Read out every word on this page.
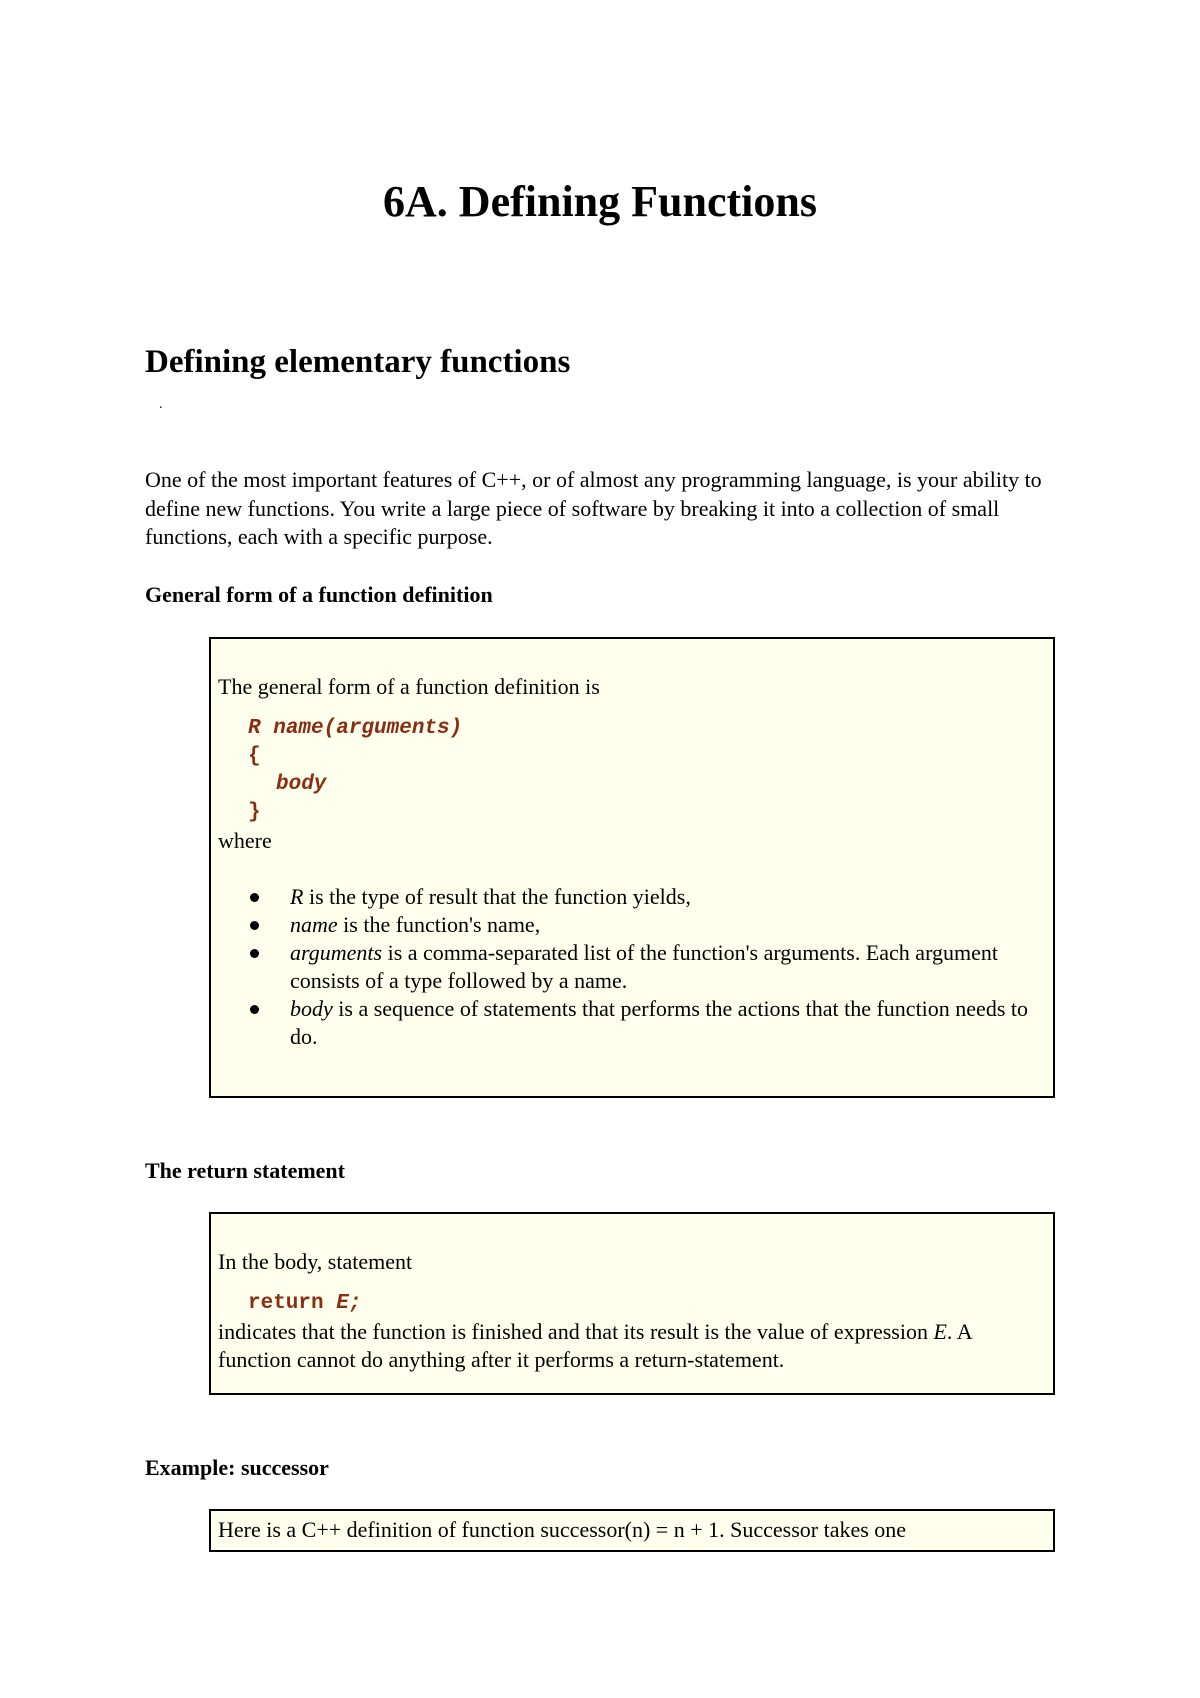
6A. Defining Functions
Defining elementary functions
.

One of the most important features of C++, or of almost any programming language, is your ability to define new functions. You write a large piece of software by breaking it into a collection of small functions, each with a specific purpose.

General form of a function definition
The general form of a function definition is
R name(arguments)
{
body
}
where
R is the type of result that the function yields,
name is the function's name,
arguments is a comma-separated list of the function's arguments. Each argument consists of a type followed by a name.
body is a sequence of statements that performs the actions that the function needs to do.
The return statement
In the body, statement
return E;
indicates that the function is finished and that its result is the value of expression E. A function cannot do anything after it performs a return-statement.
Example: successor
Here is a C++ definition of function successor(n) = n + 1. Successor takes one
